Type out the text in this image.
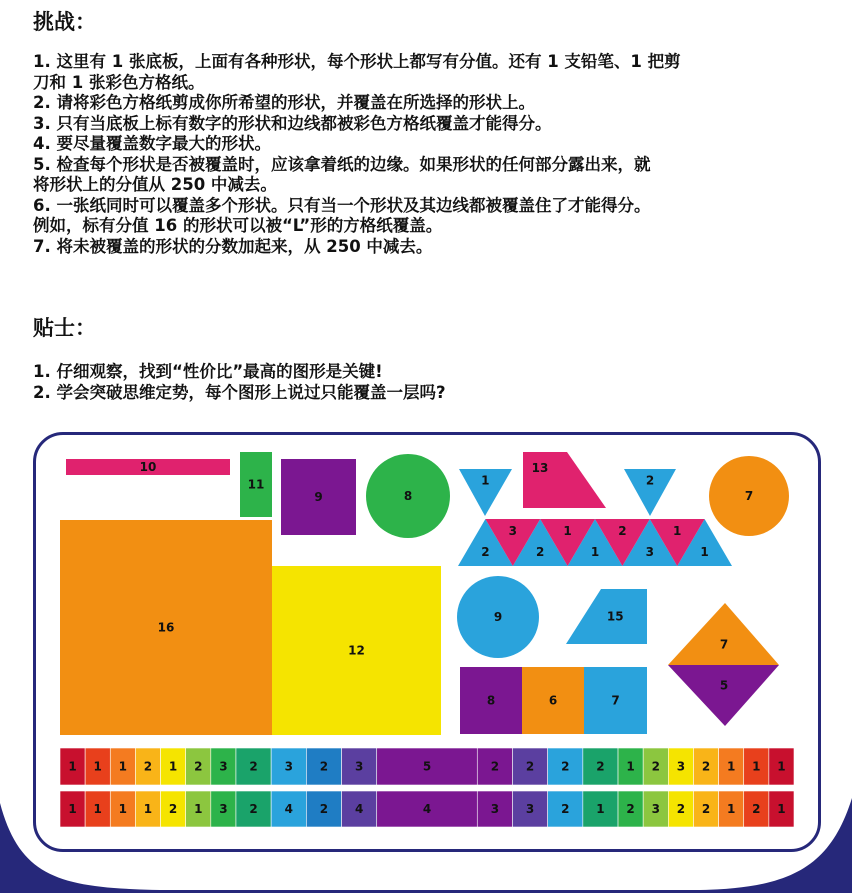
挑战：
1. 这里有 1 张底板，上面有各种形状，每个形状上都写有分值。还有 1 支铅笔、1 把剪
刀和 1 张彩色方格纸。
2. 请将彩色方格纸剪成你所希望的形状，并覆盖在所选择的形状上。
3. 只有当底板上标有数字的形状和边线都被彩色方格纸覆盖才能得分。
4. 要尽量覆盖数字最大的形状。
5. 检查每个形状是否被覆盖时，应该拿着纸的边缘。如果形状的任何部分露出来，就
将形状上的分值从 250 中减去。
6. 一张纸同时可以覆盖多个形状。只有当一个形状及其边线都被覆盖住了才能得分。
例如，标有分值 16 的形状可以被“L”形的方格纸覆盖。
7. 将未被覆盖的形状的分数加起来，从 250 中减去。
贴士：
1. 仔细观察，找到“性价比”最高的图形是关键!
2. 学会突破思维定势，每个图形上说过只能覆盖一层吗?
10
11
9	8
1
13
2
7
16
12
9	15
7
5
8	6	7
2	2	1	3	1
3	1	2	1
1 1 1 2 1 2 3 2 3 2 3	5	2 2 2 2 1 2 3 2 1 1 1
1 1 1 1 2 1 3 2 4 2 4	4	3 3 2 1 2 3 2 2 1 2 1
